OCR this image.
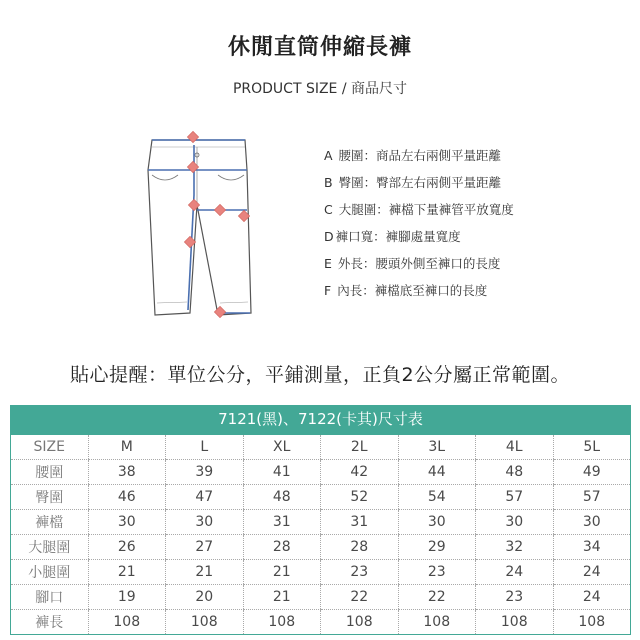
休閒直筒伸縮長褲
PRODUCT SIZE / 商品尺寸
A 腰圍：商品左右兩側平量距離
B 臀圍：臀部左右兩側平量距離
C 大腿圍：褲檔下量褲管平放寬度
D 褲口寬：褲腳處量寬度
E 外長：腰頭外側至褲口的長度
F 內長：褲檔底至褲口的長度
貼心提醒：單位公分，平鋪測量，正負2公分屬正常範圍。
7121(黑)、7122(卡其)尺寸表
SIZE	M	L	XL	2L	3L	4L	5L
腰圍	38	39	41	42	44	48	49
臀圍	46	47	48	52	54	57	57
褲檔	30	30	31	31	30	30	30
大腿圍	26	27	28	28	29	32	34
小腿圍	21	21	21	23	23	24	24
腳口	19	20	21	22	22	23	24
褲長	108	108	108	108	108	108	108
